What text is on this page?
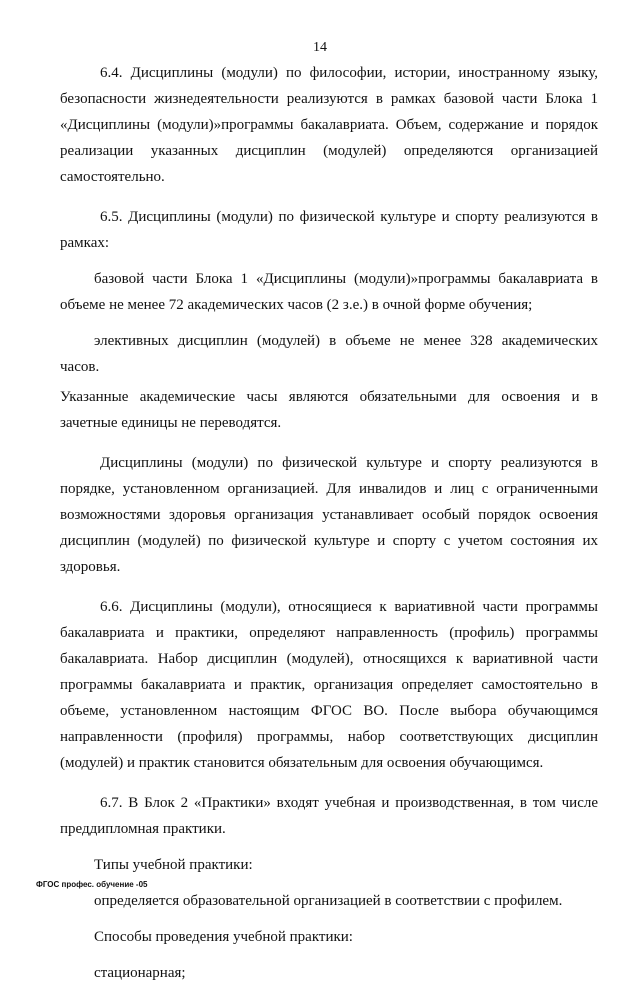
14

6.4. Дисциплины (модули) по философии, истории, иностранному языку, безопасности жизнедеятельности реализуются в рамках базовой части Блока 1 «Дисциплины (модули)»программы бакалавриата. Объем, содержание и порядок реализации указанных дисциплин (модулей) определяются организацией самостоятельно.

6.5. Дисциплины (модули) по физической культуре и спорту реализуются в рамках:

базовой части Блока 1 «Дисциплины (модули)»программы бакалавриата в объеме не менее 72 академических часов (2 з.е.) в очной форме обучения;

элективных дисциплин (модулей) в объеме не менее 328 академических часов.

Указанные академические часы являются обязательными для освоения и в зачетные единицы не переводятся.

Дисциплины (модули) по физической культуре и спорту реализуются в порядке, установленном организацией. Для инвалидов и лиц с ограниченными возможностями здоровья организация устанавливает особый порядок освоения дисциплин (модулей) по физической культуре и спорту с учетом состояния их здоровья.

6.6. Дисциплины (модули), относящиеся к вариативной части программы бакалавриата и практики, определяют направленность (профиль) программы бакалавриата. Набор дисциплин (модулей), относящихся к вариативной части программы бакалавриата и практик, организация определяет самостоятельно в объеме, установленном настоящим ФГОС ВО. После выбора обучающимся направленности (профиля) программы, набор соответствующих дисциплин (модулей) и практик становится обязательным для освоения обучающимся.

6.7. В Блок 2 «Практики» входят учебная и производственная, в том числе преддипломная практики.

Типы учебной практики:

определяется образовательной организацией в соответствии с профилем.

Способы проведения учебной практики:

стационарная;

ФГОС профес. обучение -05
